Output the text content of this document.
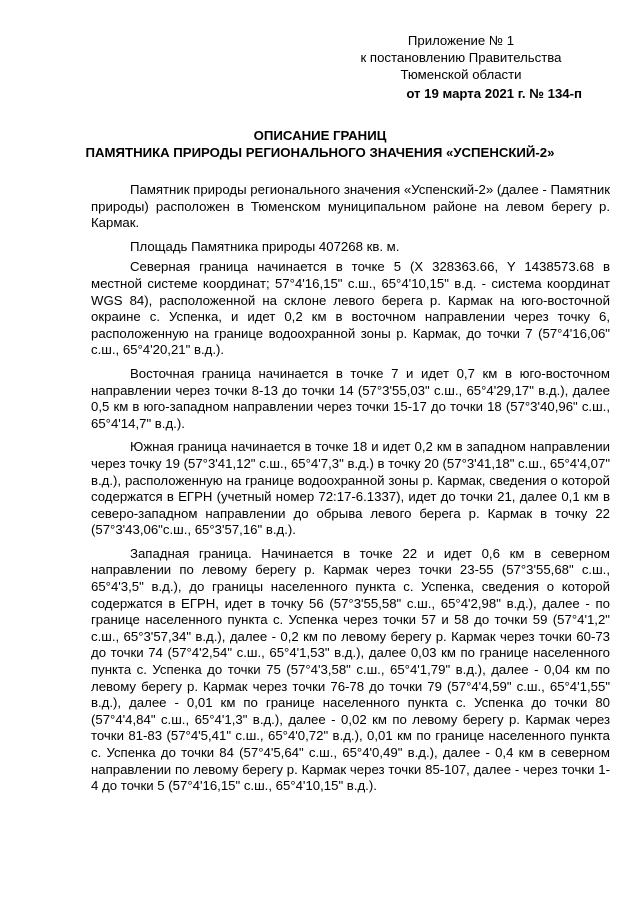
Приложение № 1
к постановлению Правительства
Тюменской области
от 19 марта 2021 г. № 134-п
ОПИСАНИЕ ГРАНИЦ
ПАМЯТНИКА ПРИРОДЫ РЕГИОНАЛЬНОГО ЗНАЧЕНИЯ «УСПЕНСКИЙ-2»

Памятник природы регионального значения «Успенский-2» (далее - Памятник природы) расположен в Тюменском муниципальном районе на левом берегу р. Кармак.

Площадь Памятника природы 407268 кв. м.

Северная граница начинается в точке 5 (X 328363.66, Y 1438573.68 в местной системе координат; 57°4'16,15" с.ш., 65°4'10,15" в.д. - система координат WGS 84), расположенной на склоне левого берега р. Кармак на юго-восточной окраине с. Успенка, и идет 0,2 км в восточном направлении через точку 6, расположенную на границе водоохранной зоны р. Кармак, до точки 7 (57°4'16,06" с.ш., 65°4'20,21" в.д.).

Восточная граница начинается в точке 7 и идет 0,7 км в юго-восточном направлении через точки 8-13 до точки 14 (57°3'55,03" с.ш., 65°4'29,17" в.д.), далее 0,5 км в юго-западном направлении через точки 15-17 до точки 18 (57°3'40,96" с.ш., 65°4'14,7" в.д.).

Южная граница начинается в точке 18 и идет 0,2 км в западном направлении через точку 19 (57°3'41,12" с.ш., 65°4'7,3" в.д.) в точку 20 (57°3'41,18" с.ш., 65°4'4,07" в.д.), расположенную на границе водоохранной зоны р. Кармак, сведения о которой содержатся в ЕГРН (учетный номер 72:17-6.1337), идет до точки 21, далее 0,1 км в северо-западном направлении до обрыва левого берега р. Кармак в точку 22 (57°3'43,06"с.ш., 65°3'57,16" в.д.).

Западная граница. Начинается в точке 22 и идет 0,6 км в северном направлении по левому берегу р. Кармак через точки 23-55 (57°3'55,68" с.ш., 65°4'3,5" в.д.), до границы населенного пункта с. Успенка, сведения о которой содержатся в ЕГРН, идет в точку 56 (57°3'55,58" с.ш., 65°4'2,98" в.д.), далее - по границе населенного пункта с. Успенка через точки 57 и 58 до точки 59 (57°4'1,2" с.ш., 65°3'57,34" в.д.), далее - 0,2 км по левому берегу р. Кармак через точки 60-73 до точки 74 (57°4'2,54" с.ш., 65°4'1,53" в.д.), далее 0,03 км по границе населенного пункта с. Успенка до точки 75 (57°4'3,58" с.ш., 65°4'1,79" в.д.), далее - 0,04 км по левому берегу р. Кармак через точки 76-78 до точки 79 (57°4'4,59" с.ш., 65°4'1,55" в.д.), далее - 0,01 км по границе населенного пункта с. Успенка до точки 80 (57°4'4,84" с.ш., 65°4'1,3" в.д.), далее - 0,02 км по левому берегу р. Кармак через точки 81-83 (57°4'5,41" с.ш., 65°4'0,72" в.д.), 0,01 км по границе населенного пункта с. Успенка до точки 84 (57°4'5,64" с.ш., 65°4'0,49" в.д.), далее - 0,4 км в северном направлении по левому берегу р. Кармак через точки 85-107, далее - через точки 1-4 до точки 5 (57°4'16,15" с.ш., 65°4'10,15" в.д.).
